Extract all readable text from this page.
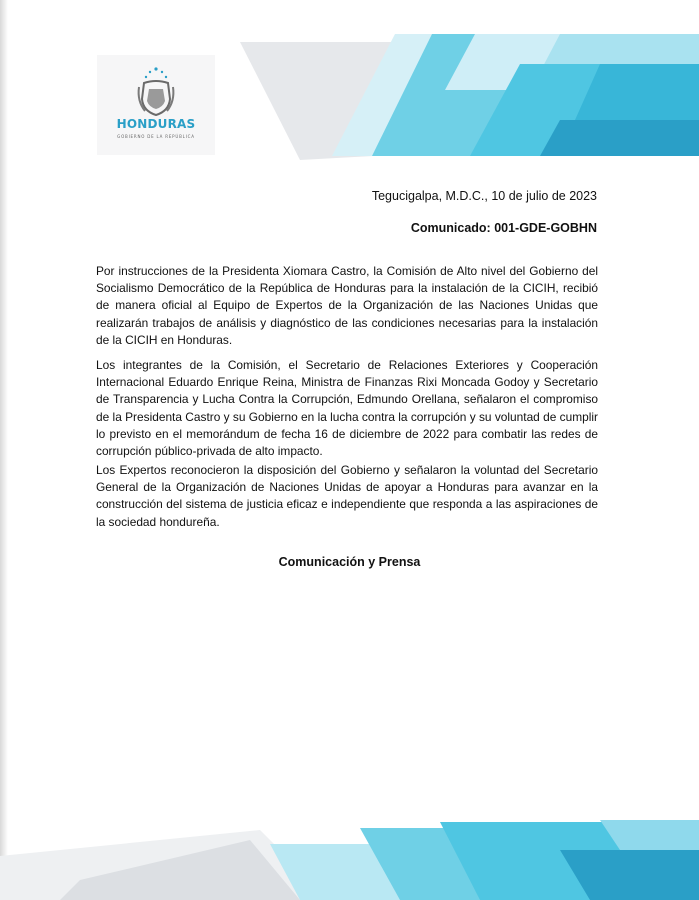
HONDURAS
GOBIERNO DE LA REPÚBLICA
Tegucigalpa, M.D.C., 10 de julio de 2023
Comunicado: 001-GDE-GOBHN

Por instrucciones de la Presidenta Xiomara Castro, la Comisión de Alto nivel del Gobierno del Socialismo Democrático de la República de Honduras para la instalación de la CICIH, recibió de manera oficial al Equipo de Expertos de la Organización de las Naciones Unidas que realizarán trabajos de análisis y diagnóstico de las condiciones necesarias para la instalación de la CICIH en Honduras.

Los integrantes de la Comisión, el Secretario de Relaciones Exteriores y Cooperación Internacional Eduardo Enrique Reina, Ministra de Finanzas Rixi Moncada Godoy y Secretario de Transparencia y Lucha Contra la Corrupción, Edmundo Orellana, señalaron el compromiso de la Presidenta Castro y su Gobierno en la lucha contra la corrupción y su voluntad de cumplir lo previsto en el memorándum de fecha 16 de diciembre de 2022 para combatir las redes de corrupción público-privada de alto impacto.

Los Expertos reconocieron la disposición del Gobierno y señalaron la voluntad del Secretario General de la Organización de Naciones Unidas de apoyar a Honduras para avanzar en la construcción del sistema de justicia eficaz e independiente que responda a las aspiraciones de la sociedad hondureña.

Comunicación y Prensa
